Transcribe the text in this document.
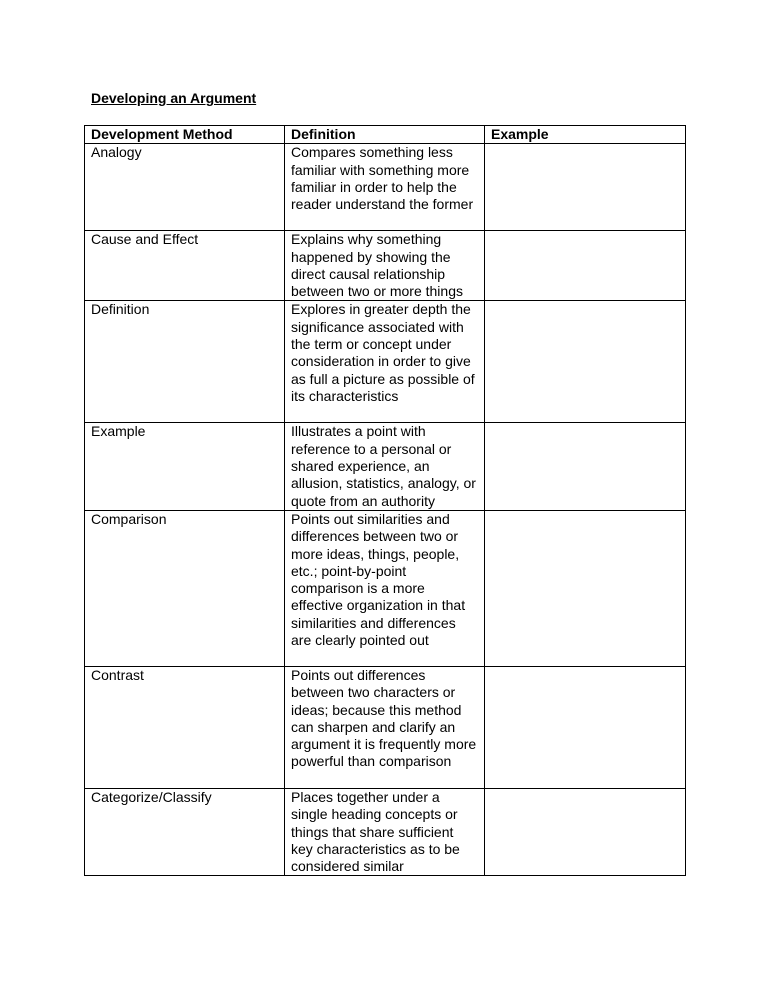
Developing an Argument
Development Method	Definition	Example
Analogy	Compares something less familiar with something more familiar in order to help the reader understand the former	
Cause and Effect	Explains why something happened by showing the direct causal relationship between two or more things	
Definition	Explores in greater depth the significance associated with the term or concept under consideration in order to give as full a picture as possible of its characteristics	
Example	Illustrates a point with reference to a personal or shared experience, an allusion, statistics, analogy, or quote from an authority	
Comparison	Points out similarities and differences between two or more ideas, things, people, etc.; point-by-point comparison is a more effective organization in that similarities and differences are clearly pointed out	
Contrast	Points out differences between two characters or ideas; because this method can sharpen and clarify an argument it is frequently more powerful than comparison	
Categorize/Classify	Places together under a single heading concepts or things that share sufficient key characteristics as to be considered similar	
